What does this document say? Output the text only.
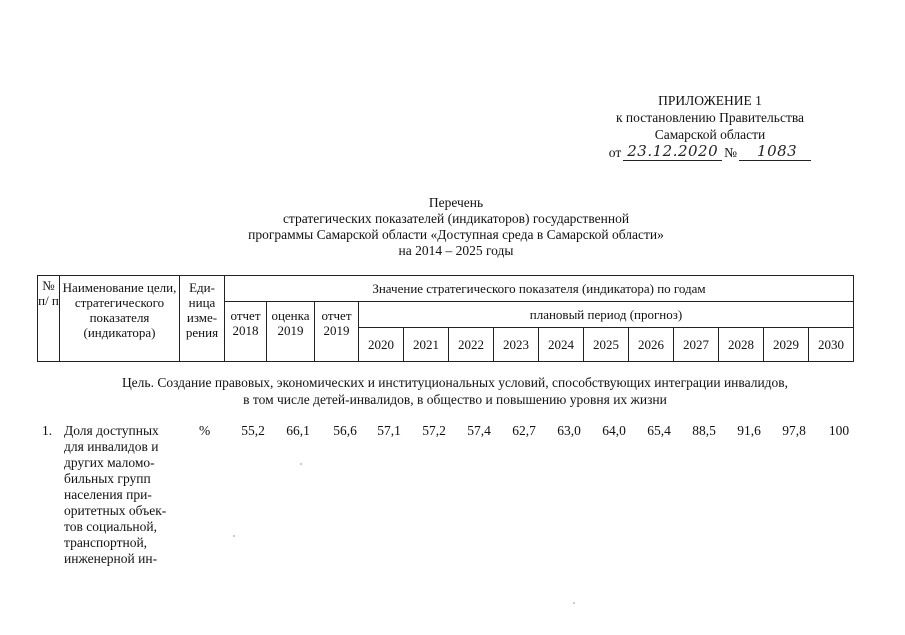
ПРИЛОЖЕНИЕ 1
к постановлению Правительства
Самарской области
от 23.12.2020 №	1083
Перечень
стратегических показателей (индикаторов) государственной
программы Самарской области «Доступная среда в Самарской области»
на 2014 – 2025 годы
№ п/ п	Наименование цели, стратегического показателя (индикатора)	Еди- ница изме- рения	Значение стратегического показателя (индикатора) по годам													
			отчет 2018	оценка 2019	отчет 2019	плановый период (прогноз)										
						2020	2021	2022	2023	2024	2025	2026	2027	2028	2029	2030
Цель. Создание правовых, экономических и институциональных условий, способствующих интеграции инвалидов,
в том числе детей-инвалидов, в общество и повышению уровня их жизни
1. Доля доступных
для инвалидов и
других маломо-
бильных групп
населения при-
оритетных объек-
тов социальной,
транспортной,
инженерной ин-
%	55,2	66,1	56,6	57,1	57,2	57,4	62,7	63,0	64,0	65,4	88,5	91,6	97,8	100
